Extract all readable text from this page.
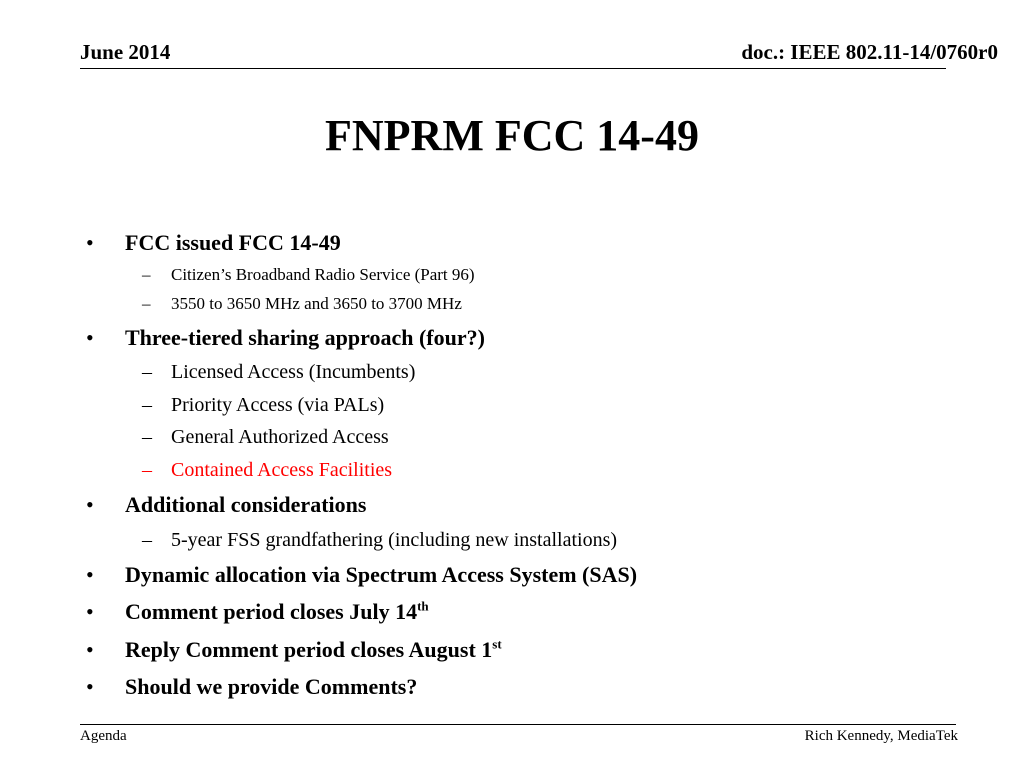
June 2014	doc.: IEEE 802.11-14/0760r0
FNPRM FCC 14-49
• FCC issued FCC 14-49
– Citizen’s Broadband Radio Service (Part 96)
– 3550 to 3650 MHz and 3650 to 3700 MHz
• Three-tiered sharing approach (four?)
– Licensed Access (Incumbents)
– Priority Access (via PALs)
– General Authorized Access
– Contained Access Facilities
• Additional considerations
– 5-year FSS grandfathering (including new installations)
• Dynamic allocation via Spectrum Access System (SAS)
• Comment period closes July 14th
• Reply Comment period closes August 1st
• Should we provide Comments?
Agenda	Rich Kennedy, MediaTek
